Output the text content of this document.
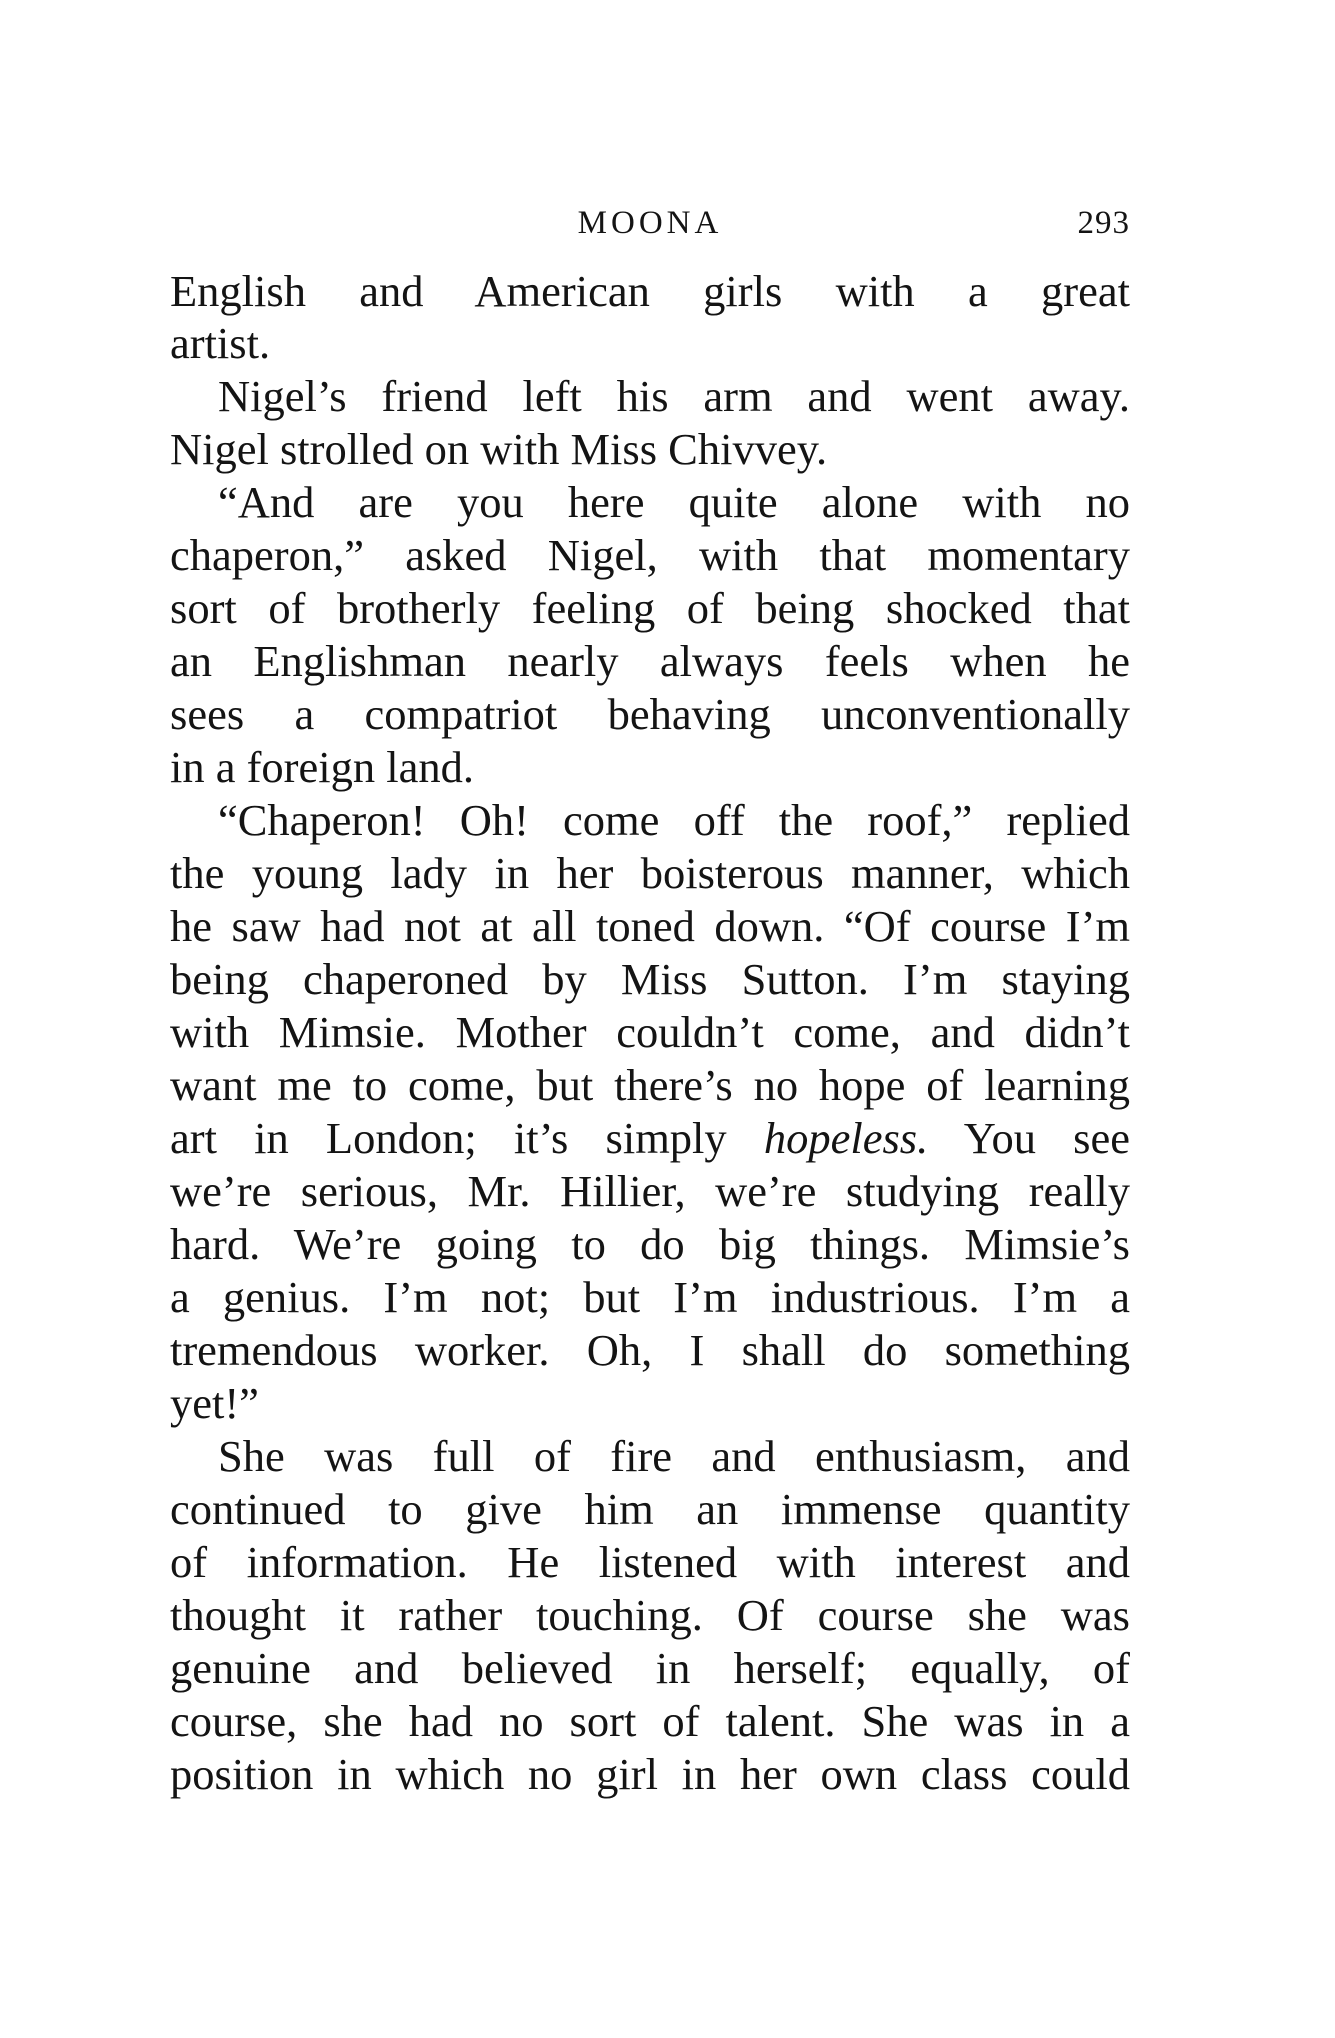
MOONA	293
English and American girls with a great
artist.
Nigel’s friend left his arm and went away.
Nigel strolled on with Miss Chivvey.
“And are you here quite alone with no
chaperon,” asked Nigel, with that momentary
sort of brotherly feeling of being shocked that
an Englishman nearly always feels when he
sees a compatriot behaving unconventionally
in a foreign land.
“Chaperon! Oh! come off the roof,” replied
the young lady in her boisterous manner, which
he saw had not at all toned down. “Of course I’m
being chaperoned by Miss Sutton. I’m staying
with Mimsie. Mother couldn’t come, and didn’t
want me to come, but there’s no hope of learning
art in London; it’s simply hopeless. You see
we’re serious, Mr. Hillier, we’re studying really
hard. We’re going to do big things. Mimsie’s
a genius. I’m not; but I’m industrious. I’m a
tremendous worker. Oh, I shall do something
yet!”
She was full of fire and enthusiasm, and
continued to give him an immense quantity
of information. He listened with interest and
thought it rather touching. Of course she was
genuine and believed in herself; equally, of
course, she had no sort of talent. She was in a
position in which no girl in her own class could
